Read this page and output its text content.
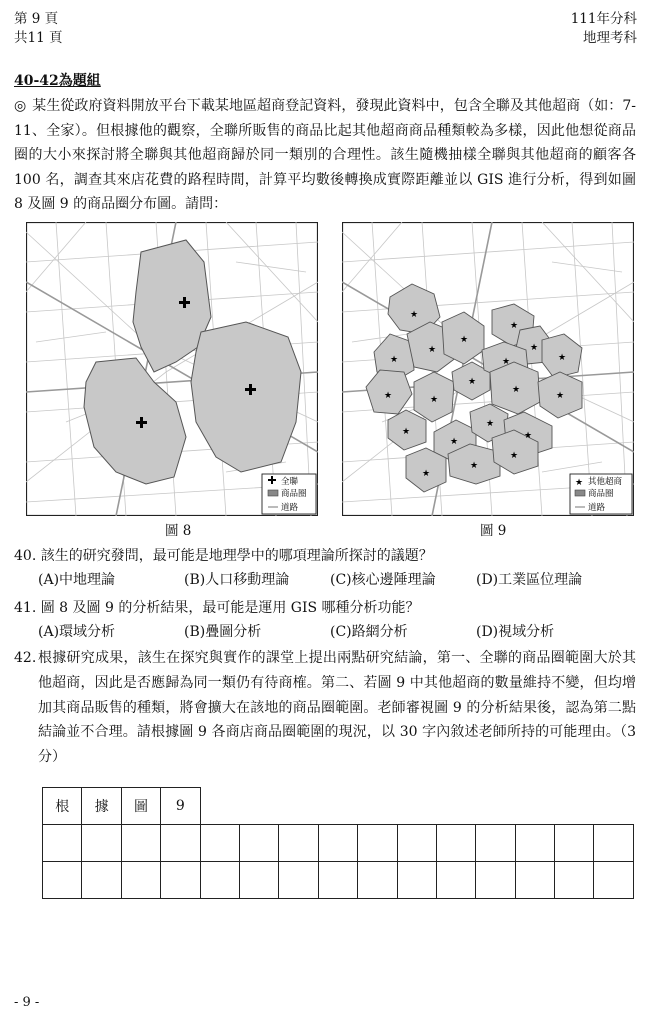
第 9 頁
共11 頁
111年分科
地理考科
40-42為題組
◎ 某生從政府資料開放平台下載某地區超商登記資料，發現此資料中，包含全聯及其他超商（如：7-11、全家）。但根據他的觀察，全聯所販售的商品比起其他超商商品種類較為多樣，因此他想從商品圈的大小來探討將全聯與其他超商歸於同一類別的合理性。該生隨機抽樣全聯與其他超商的顧客各 100 名，調查其來店花費的路程時間，計算平均數後轉換成實際距離並以 GIS 進行分析，得到如圖 8 及圖 9 的商品圈分布圖。請問：
全聯
商品圈
道路
圖 8
★
★
★
★
★
★
★
★	★
★
★
★
★
★
★
★
★
★
★
★
★ 其他超商
商品圈
道路
圖 9
40. 該生的研究發問，最可能是地理學中的哪項理論所探討的議題？
(A)中地理論	(B)人口移動理論	(C)核心邊陲理論	(D)工業區位理論
41. 圖 8 及圖 9 的分析結果，最可能是運用 GIS 哪種分析功能？
(A)環域分析	(B)疊圖分析	(C)路網分析	(D)視域分析
42. 根據研究成果，該生在探究與實作的課堂上提出兩點研究結論，第一、全聯的商品圈範圍大於其他超商，因此是否應歸為同一類仍有待商榷。第二、若圖 9 中其他超商的數量維持不變，但均增加其商品販售的種類，將會擴大在該地的商品圈範圍。老師審視圖 9 的分析結果後，認為第二點結論並不合理。請根據圖 9 各商店商品圈範圍的現況，以 30 字內敘述老師所持的可能理由。（3 分）
根	據	圖	9											

- 9 -
